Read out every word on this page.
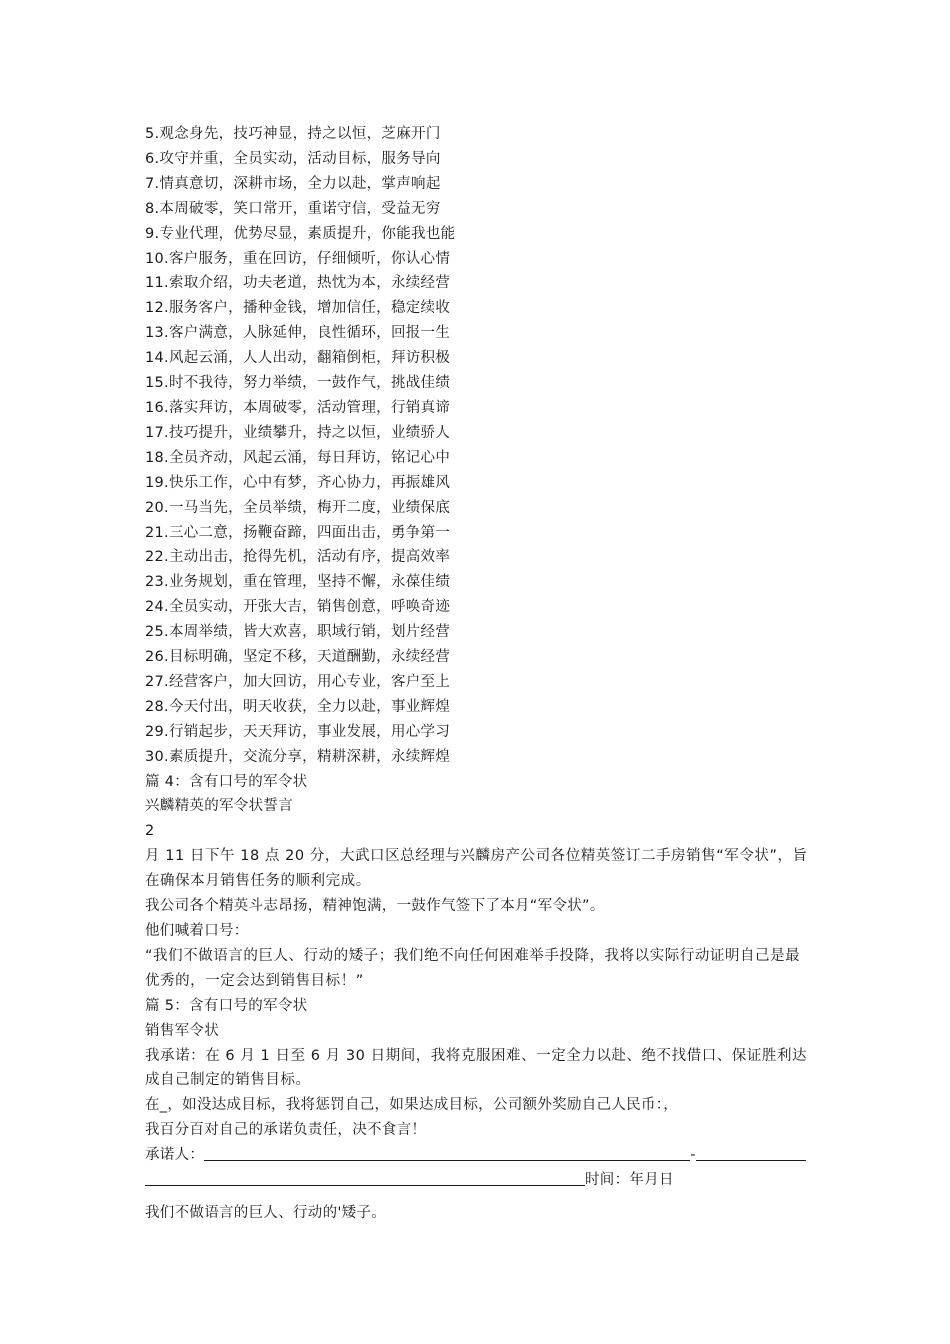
5.观念身先，技巧神显，持之以恒，芝麻开门
6.攻守并重，全员实动，活动目标，服务导向
7.情真意切，深耕市场，全力以赴，掌声响起
8.本周破零，笑口常开，重诺守信，受益无穷
9.专业代理，优势尽显，素质提升，你能我也能
10.客户服务，重在回访，仔细倾听，你认心情
11.索取介绍，功夫老道，热忱为本，永续经营
12.服务客户，播种金钱，增加信任，稳定续收
13.客户满意，人脉延伸，良性循环，回报一生
14.风起云涌，人人出动，翻箱倒柜，拜访积极
15.时不我待，努力举绩，一鼓作气，挑战佳绩
16.落实拜访，本周破零，活动管理，行销真谛
17.技巧提升，业绩攀升，持之以恒，业绩骄人
18.全员齐动，风起云涌，每日拜访，铭记心中
19.快乐工作，心中有梦，齐心协力，再振雄风
20.一马当先，全员举绩，梅开二度，业绩保底
21.三心二意，扬鞭奋蹄，四面出击，勇争第一
22.主动出击，抢得先机，活动有序，提高效率
23.业务规划，重在管理，坚持不懈，永葆佳绩
24.全员实动，开张大吉，销售创意，呼唤奇迹
25.本周举绩，皆大欢喜，职域行销，划片经营
26.目标明确，坚定不移，天道酬勤，永续经营
27.经营客户，加大回访，用心专业，客户至上
28.今天付出，明天收获，全力以赴，事业辉煌
29.行销起步，天天拜访，事业发展，用心学习
30.素质提升，交流分享，精耕深耕，永续辉煌
篇 4：含有口号的军令状
兴麟精英的军令状誓言
2
月 11 日下午 18 点 20 分，大武口区总经理与兴麟房产公司各位精英签订二手房销售“军令状”，旨在确保本月销售任务的顺利完成。
我公司各个精英斗志昂扬，精神饱满，一鼓作气签下了本月“军令状”。
他们喊着口号：
“我们不做语言的巨人、行动的矮子；我们绝不向任何困难举手投降，我将以实际行动证明自己是最优秀的，一定会达到销售目标！”
篇 5：含有口号的军令状
销售军令状
我承诺：在 6 月 1 日至 6 月 30 日期间，我将克服困难、一定全力以赴、绝不找借口、保证胜利达成自己制定的销售目标。
在_，如没达成目标，我将惩罚自己，如果达成目标，公司额外奖励自己人民币：，
我百分百对自己的承诺负责任，决不食言！
承诺人：	-
时间：年月日
我们不做语言的巨人、行动的'矮子。
